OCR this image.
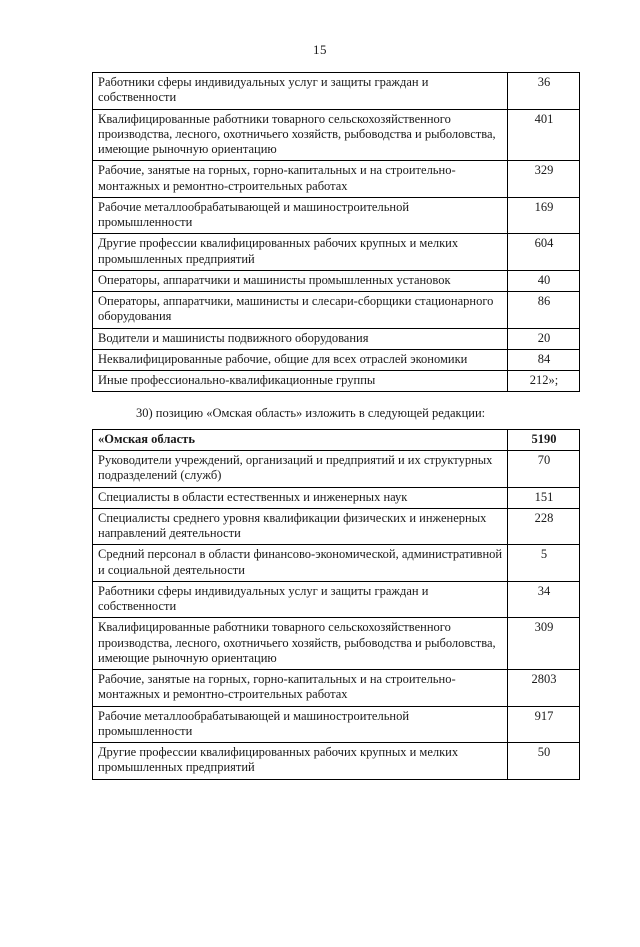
15
Работники сферы индивидуальных услуг и защиты граждан и собственности	36
Квалифицированные работники товарного сельскохозяйственного производства, лесного, охотничьего хозяйств, рыбоводства и рыболовства, имеющие рыночную ориентацию	401
Рабочие, занятые на горных, горно-капитальных и на строительно-монтажных и ремонтно-строительных работах	329
Рабочие металлообрабатывающей и машиностроительной промышленности	169
Другие профессии квалифицированных рабочих крупных и мелких промышленных предприятий	604
Операторы, аппаратчики и машинисты промышленных установок	40
Операторы, аппаратчики, машинисты и слесари-сборщики стационарного оборудования	86
Водители и машинисты подвижного оборудования	20
Неквалифицированные рабочие, общие для всех отраслей экономики	84
Иные профессионально-квалификационные группы	212»;

30) позицию «Омская область» изложить в следующей редакции:

«Омская область	5190
Руководители учреждений, организаций и предприятий и их структурных подразделений (служб)	70
Специалисты в области естественных и инженерных наук	151
Специалисты среднего уровня квалификации физических и инженерных направлений деятельности	228
Средний персонал в области финансово-экономической, административной и социальной деятельности	5
Работники сферы индивидуальных услуг и защиты граждан и собственности	34
Квалифицированные работники товарного сельскохозяйственного производства, лесного, охотничьего хозяйств, рыбоводства и рыболовства, имеющие рыночную ориентацию	309
Рабочие, занятые на горных, горно-капитальных и на строительно-монтажных и ремонтно-строительных работах	2803
Рабочие металлообрабатывающей и машиностроительной промышленности	917
Другие профессии квалифицированных рабочих крупных и мелких промышленных предприятий	50
